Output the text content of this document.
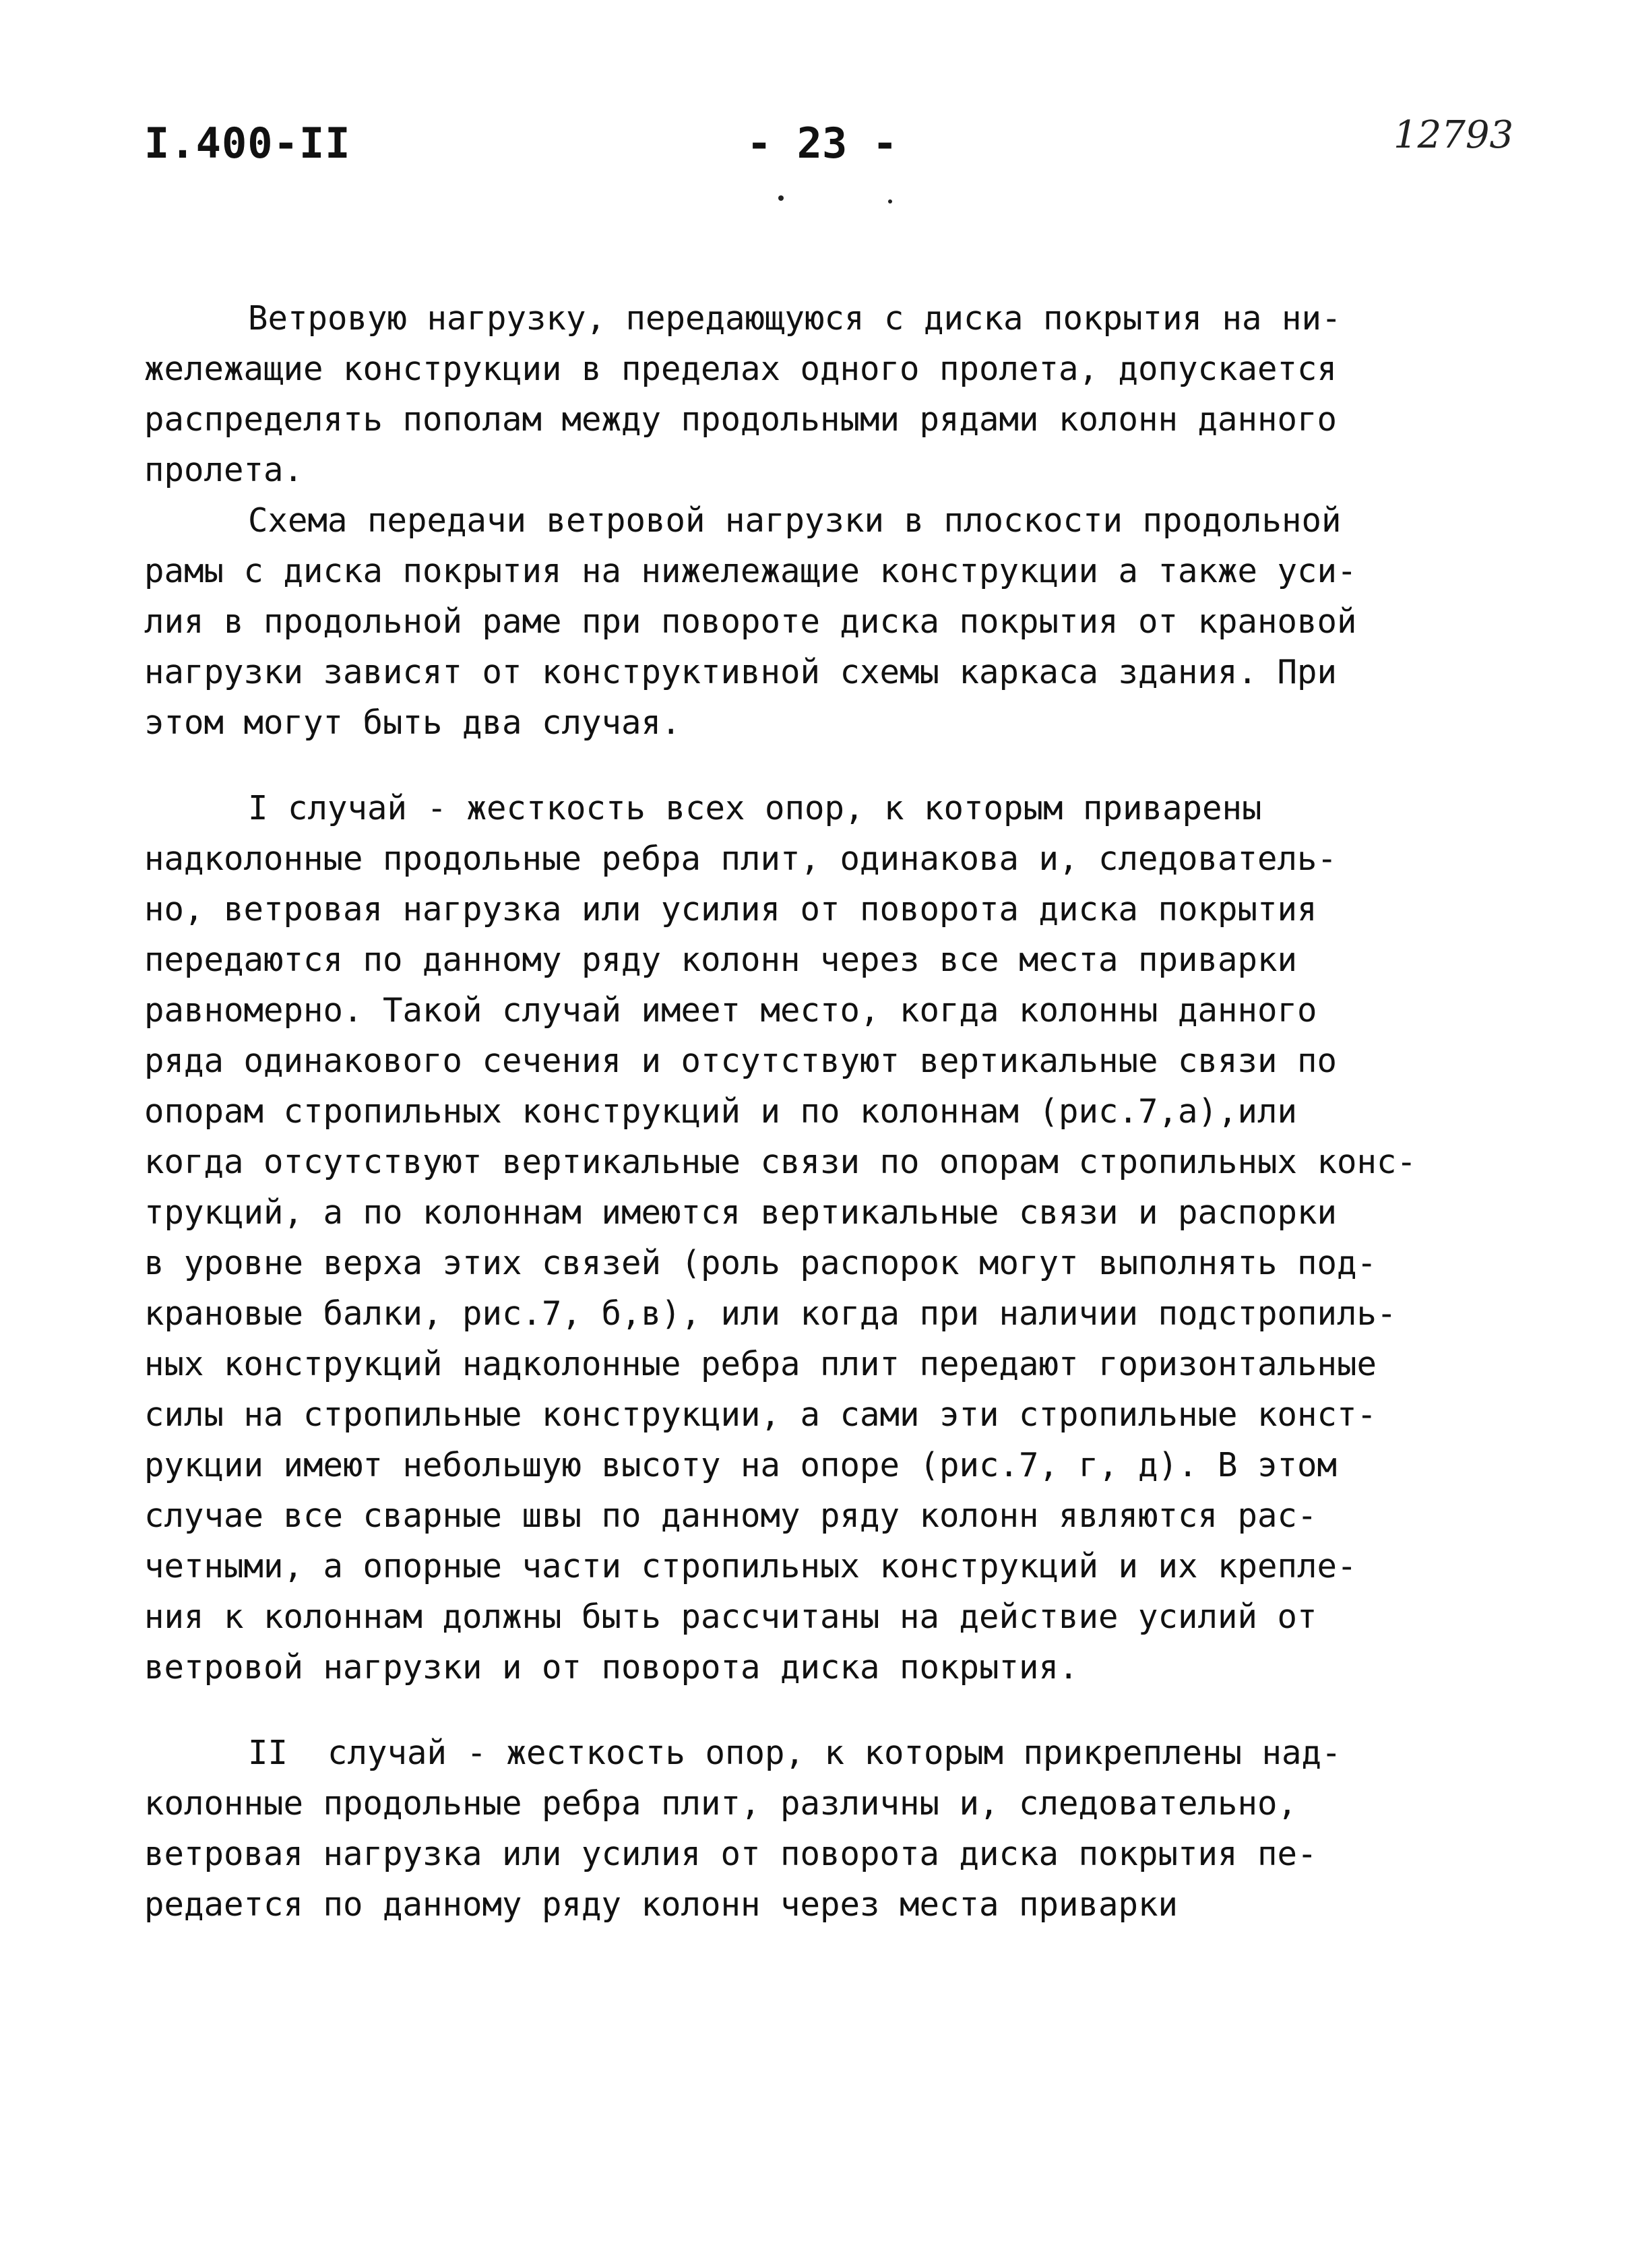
I.400-II	- 23 -	12793
Ветровую нагрузку, передающуюся с диска покрытия на ни-
жележащие конструкции в пределах одного пролета, допускается
распределять пополам между продольными рядами колонн данного
пролета.
Схема передачи ветровой нагрузки в плоскости продольной
рамы с диска покрытия на нижележащие конструкции а также уси-
лия в продольной раме при повороте диска покрытия от крановой
нагрузки зависят от конструктивной схемы каркаса здания. При
этом могут быть два случая.
I случай - жесткость всех опор, к которым приварены
надколонные продольные ребра плит, одинакова и, следователь-
но, ветровая нагрузка или усилия от поворота диска покрытия
передаются по данному ряду колонн через все места приварки
равномерно. Такой случай имеет место, когда колонны данного
ряда одинакового сечения и отсутствуют вертикальные связи по
опорам стропильных конструкций и по колоннам (рис.7,а),или
когда отсутствуют вертикальные связи по опорам стропильных конс-
трукций, а по колоннам имеются вертикальные связи и распорки
в уровне верха этих связей (роль распорок могут выполнять под-
крановые балки, рис.7, б,в), или когда при наличии подстропиль-
ных конструкций надколонные ребра плит передают горизонтальные
силы на стропильные конструкции, а сами эти стропильные конст-
рукции имеют небольшую высоту на опоре (рис.7, г, д). В этом
случае все сварные швы по данному ряду колонн являются рас-
четными, а опорные части стропильных конструкций и их крепле-
ния к колоннам должны быть рассчитаны на действие усилий от
ветровой нагрузки и от поворота диска покрытия.
II  случай - жесткость опор, к которым прикреплены над-
колонные продольные ребра плит, различны и, следовательно,
ветровая нагрузка или усилия от поворота диска покрытия пе-
редается по данному ряду колонн через места приварки
